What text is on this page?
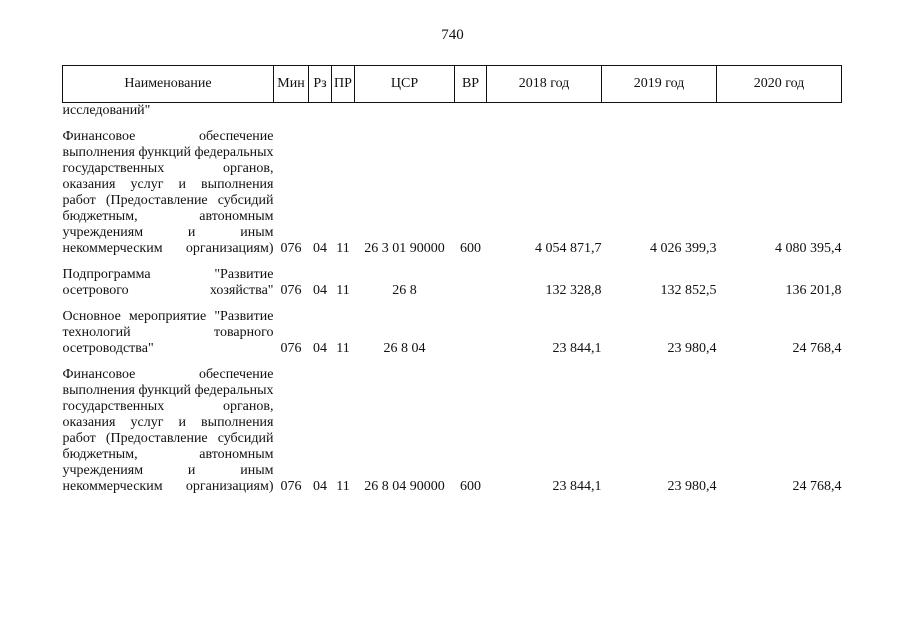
740
Наименование	Мин	Рз	ПР	ЦСР	ВР	2018 год	2019 год	2020 год
исследований"								

Финансовое обеспечение выполнения функций федеральных государственных органов, оказания услуг и выполнения работ (Предоставление субсидий бюджетным, автономным учреждениям и иным некоммерческим организациям)	076	04	11	26 3 01 90000	600	4 054 871,7	4 026 399,3	4 080 395,4

Подпрограмма "Развитие осетрового хозяйства"	076	04	11	26 8		132 328,8	132 852,5	136 201,8

Основное мероприятие "Развитие технологий товарного осетроводства"	076	04	11	26 8 04		23 844,1	23 980,4	24 768,4

Финансовое обеспечение выполнения функций федеральных государственных органов, оказания услуг и выполнения работ (Предоставление субсидий бюджетным, автономным учреждениям и иным некоммерческим организациям)	076	04	11	26 8 04 90000	600	23 844,1	23 980,4	24 768,4
